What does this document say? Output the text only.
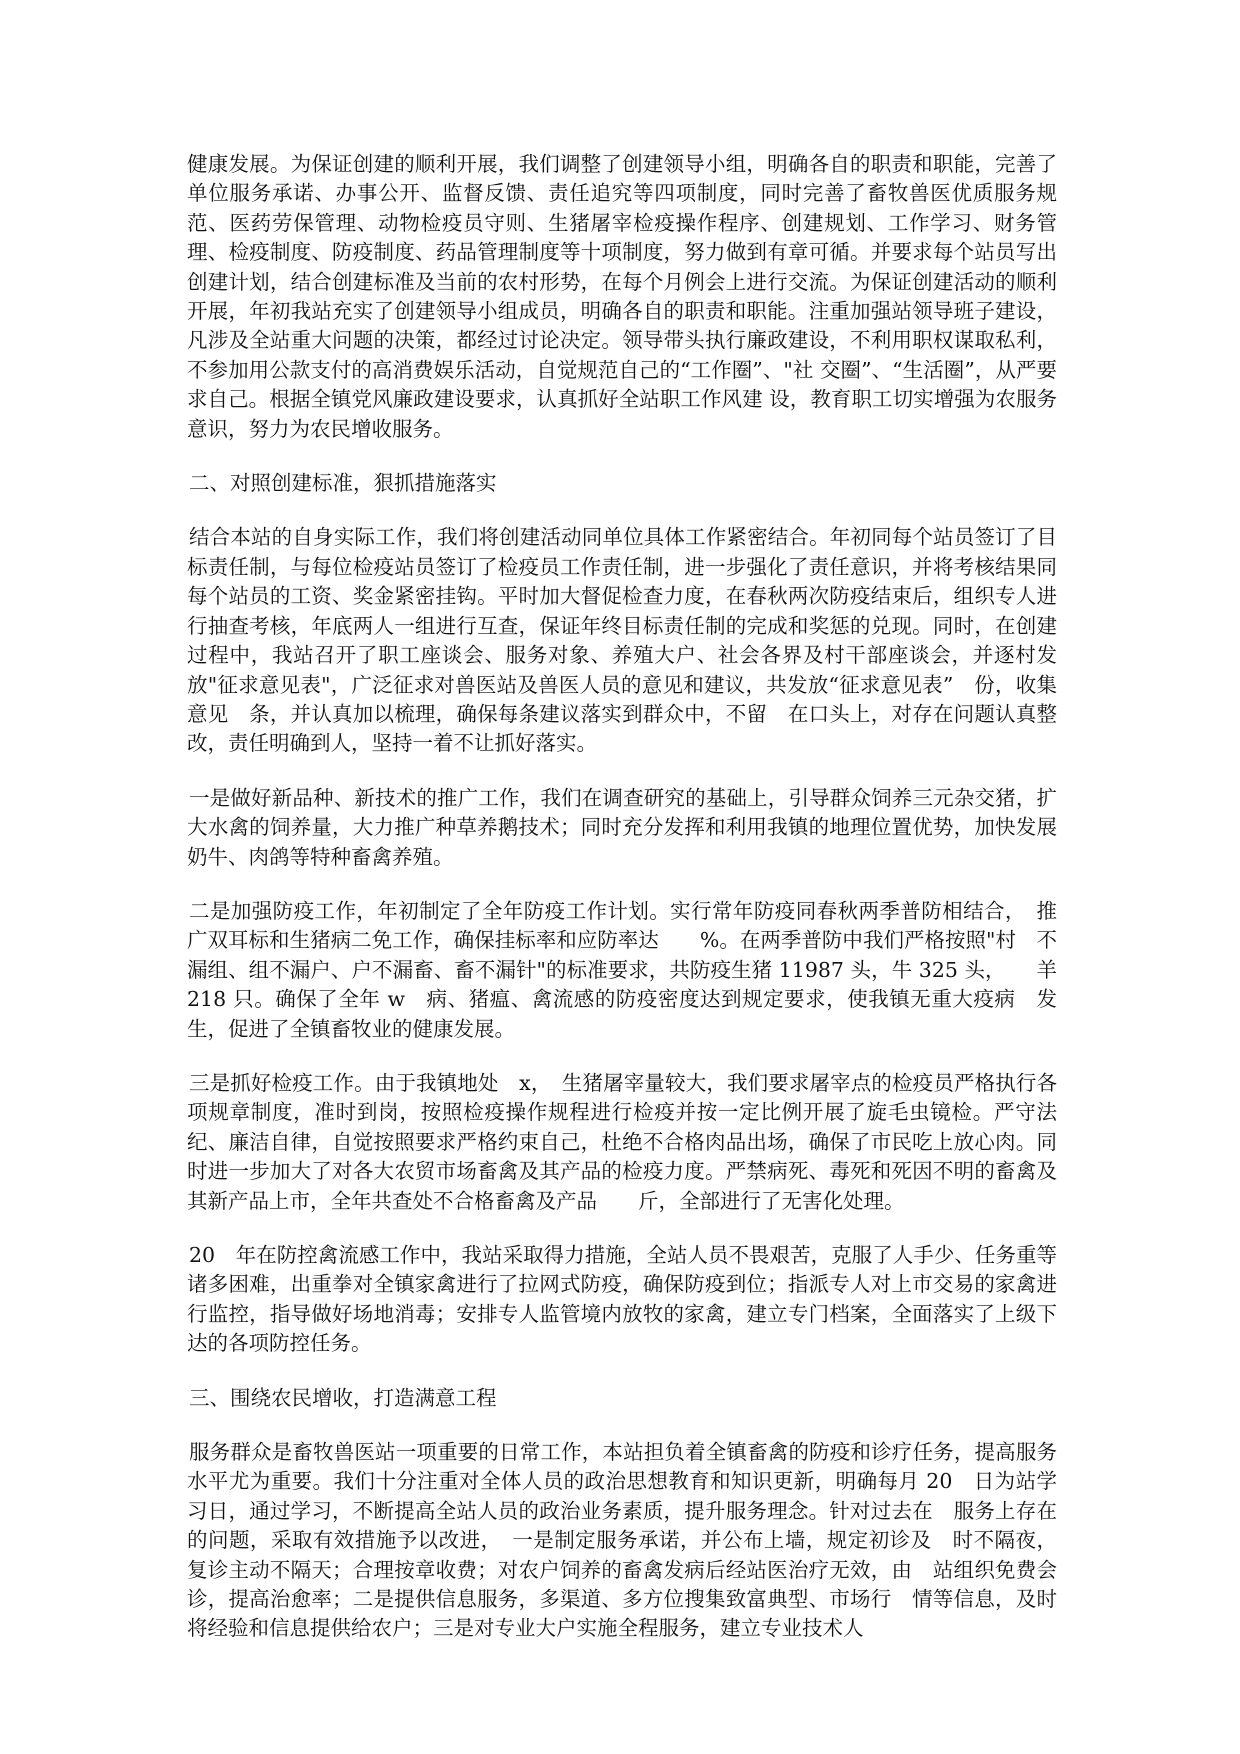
健康发展。为保证创建的顺利开展，我们调整了创建领导小组，明确各自的职责和职能，完善了单位服务承诺、办事公开、监督反馈、责任追究等四项制度，同时完善了畜牧兽医优质服务规范、医药劳保管理、动物检疫员守则、生猪屠宰检疫操作程序、创建规划、工作学习、财务管理、检疫制度、防疫制度、药品管理制度等十项制度，努力做到有章可循。并要求每个站员写出创建计划，结合创建标准及当前的农村形势，在每个月例会上进行交流。为保证创建活动的顺利开展，年初我站充实了创建领导小组成员，明确各自的职责和职能。注重加强站领导班子建设，凡涉及全站重大问题的决策，都经过讨论决定。领导带头执行廉政建设，不利用职权谋取私利，不参加用公款支付的高消费娱乐活动，自觉规范自己的“工作圈”、"社 交圈”、“生活圈”，从严要求自己。根据全镇党风廉政建设要求，认真抓好全站职工作风建 设，教育职工切实增强为农服务意识，努力为农民增收服务。

二、对照创建标准，狠抓措施落实

结合本站的自身实际工作，我们将创建活动同单位具体工作紧密结合。年初同每个站员签订了目标责任制，与每位检疫站员签订了检疫员工作责任制，进一步强化了责任意识，并将考核结果同每个站员的工资、奖金紧密挂钩。平时加大督促检查力度，在春秋两次防疫结束后，组织专人进行抽查考核，年底两人一组进行互查，保证年终目标责任制的完成和奖惩的兑现。同时，在创建过程中，我站召开了职工座谈会、服务对象、养殖大户、社会各界及村干部座谈会，并逐村发放"征求意见表"，广泛征求对兽医站及兽医人员的意见和建议，共发放“征求意见表”　份，收集意见　条，并认真加以梳理，确保每条建议落实到群众中，不留　在口头上，对存在问题认真整改，责任明确到人，坚持一着不让抓好落实。

一是做好新品种、新技术的推广工作，我们在调查研究的基础上，引导群众饲养三元杂交猪，扩大水禽的饲养量，大力推广种草养鹅技术；同时充分发挥和利用我镇的地理位置优势，加快发展奶牛、肉鸽等特种畜禽养殖。

二是加强防疫工作，年初制定了全年防疫工作计划。实行常年防疫同春秋两季普防相结合，　推广双耳标和生猪病二免工作，确保挂标率和应防率达　　%。在两季普防中我们严格按照"村　不漏组、组不漏户、户不漏畜、畜不漏针"的标准要求，共防疫生猪 11987 头，牛 325 头，　　羊 218 只。确保了全年 w　病、猪瘟、禽流感的防疫密度达到规定要求，使我镇无重大疫病　发生，促进了全镇畜牧业的健康发展。

三是抓好检疫工作。由于我镇地处　x，　生猪屠宰量较大，我们要求屠宰点的检疫员严格执行各项规章制度，准时到岗，按照检疫操作规程进行检疫并按一定比例开展了旋毛虫镜检。严守法纪、廉洁自律，自觉按照要求严格约束自己，杜绝不合格肉品出场，确保了市民吃上放心肉。同时进一步加大了对各大农贸市场畜禽及其产品的检疫力度。严禁病死、毒死和死因不明的畜禽及其新产品上市，全年共查处不合格畜禽及产品　　斤，全部进行了无害化处理。

20　年在防控禽流感工作中，我站采取得力措施，全站人员不畏艰苦，克服了人手少、任务重等诸多困难，出重拳对全镇家禽进行了拉网式防疫，确保防疫到位；指派专人对上市交易的家禽进行监控，指导做好场地消毒；安排专人监管境内放牧的家禽，建立专门档案，全面落实了上级下达的各项防控任务。

三、围绕农民增收，打造满意工程

服务群众是畜牧兽医站一项重要的日常工作，本站担负着全镇畜禽的防疫和诊疗任务，提高服务水平尤为重要。我们十分注重对全体人员的政治思想教育和知识更新，明确每月 20　日为站学习日，通过学习，不断提高全站人员的政治业务素质，提升服务理念。针对过去在　服务上存在的问题，采取有效措施予以改进，　一是制定服务承诺，并公布上墙，规定初诊及　时不隔夜，复诊主动不隔天；合理按章收费；对农户饲养的畜禽发病后经站医治疗无效，由　站组织免费会诊，提高治愈率；二是提供信息服务，多渠道、多方位搜集致富典型、市场行　情等信息，及时将经验和信息提供给农户；三是对专业大户实施全程服务，建立专业技术人
